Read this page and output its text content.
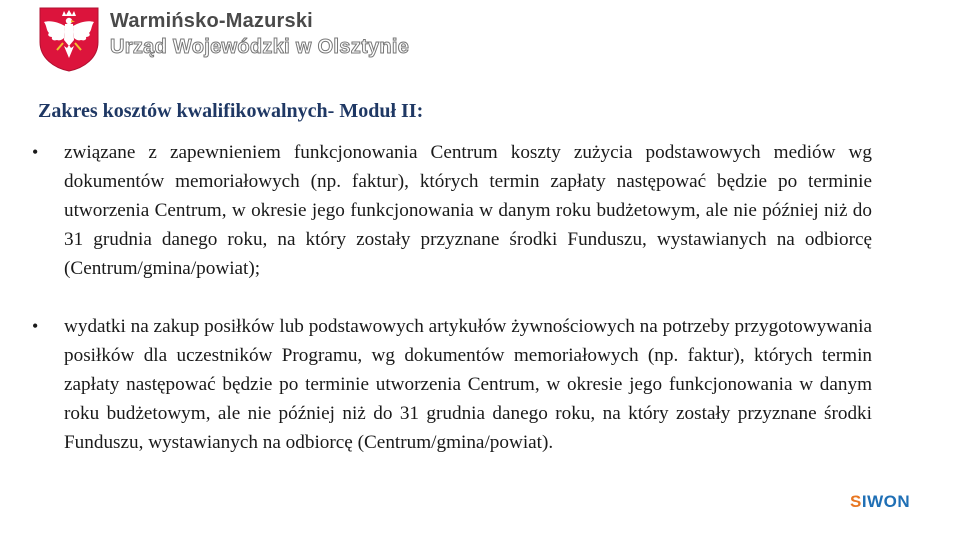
Warmińsko-Mazurski
Urząd Wojewódzki w Olsztynie
Zakres kosztów kwalifikowalnych- Moduł II:
• związane z zapewnieniem funkcjonowania Centrum koszty zużycia podstawowych mediów wg dokumentów memoriałowych (np. faktur), których termin zapłaty następować będzie po terminie utworzenia Centrum, w okresie jego funkcjonowania w danym roku budżetowym, ale nie później niż do 31 grudnia danego roku, na który zostały przyznane środki Funduszu, wystawianych na odbiorcę (Centrum/gmina/powiat);
• wydatki na zakup posiłków lub podstawowych artykułów żywnościowych na potrzeby przygotowywania posiłków dla uczestników Programu, wg dokumentów memoriałowych (np. faktur), których termin zapłaty następować będzie po terminie utworzenia Centrum, w okresie jego funkcjonowania w danym roku budżetowym, ale nie później niż do 31 grudnia danego roku, na który zostały przyznane środki Funduszu, wystawianych na odbiorcę (Centrum/gmina/powiat).
SIWON
